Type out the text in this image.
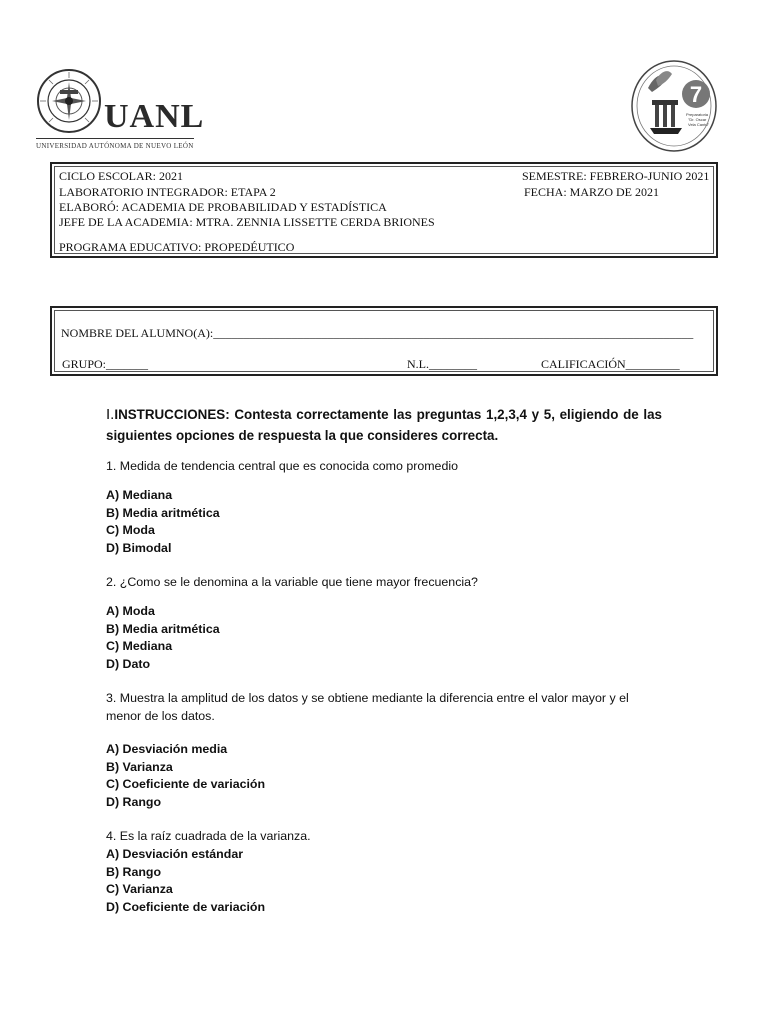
UANL
UNIVERSIDAD AUTÓNOMA DE NUEVO LEÓN
7
Preparatoria
"Dr. Oscar
Vela Cantú"
CICLO ESCOLAR: 2021	SEMESTRE: FEBRERO-JUNIO 2021
LABORATORIO INTEGRADOR: ETAPA 2	FECHA: MARZO DE 2021
ELABORÓ: ACADEMIA DE PROBABILIDAD Y ESTADÍSTICA
JEFE DE LA ACADEMIA: MTRA. ZENNIA LISSETTE CERDA BRIONES
PROGRAMA EDUCATIVO: PROPEDÉUTICO
NOMBRE DEL ALUMNO(A):________________________________________________________________________________
GRUPO:_______	N.L.________	CALIFICACIÓN_________
I.INSTRUCCIONES: Contesta correctamente las preguntas 1,2,3,4 y 5, eligiendo de las siguientes opciones de respuesta la que consideres correcta.
1. Medida de tendencia central que es conocida como promedio
A) Mediana
B) Media aritmética
C) Moda
D) Bimodal
2. ¿Como se le denomina a la variable que tiene mayor frecuencia?
A) Moda
B) Media aritmética
C) Mediana
D) Dato
3. Muestra la amplitud de los datos y se obtiene mediante la diferencia entre el valor mayor y el menor de los datos.
A) Desviación media
B) Varianza
C) Coeficiente de variación
D) Rango
4. Es la raíz cuadrada de la varianza.
A) Desviación estándar
B) Rango
C) Varianza
D) Coeficiente de variación
